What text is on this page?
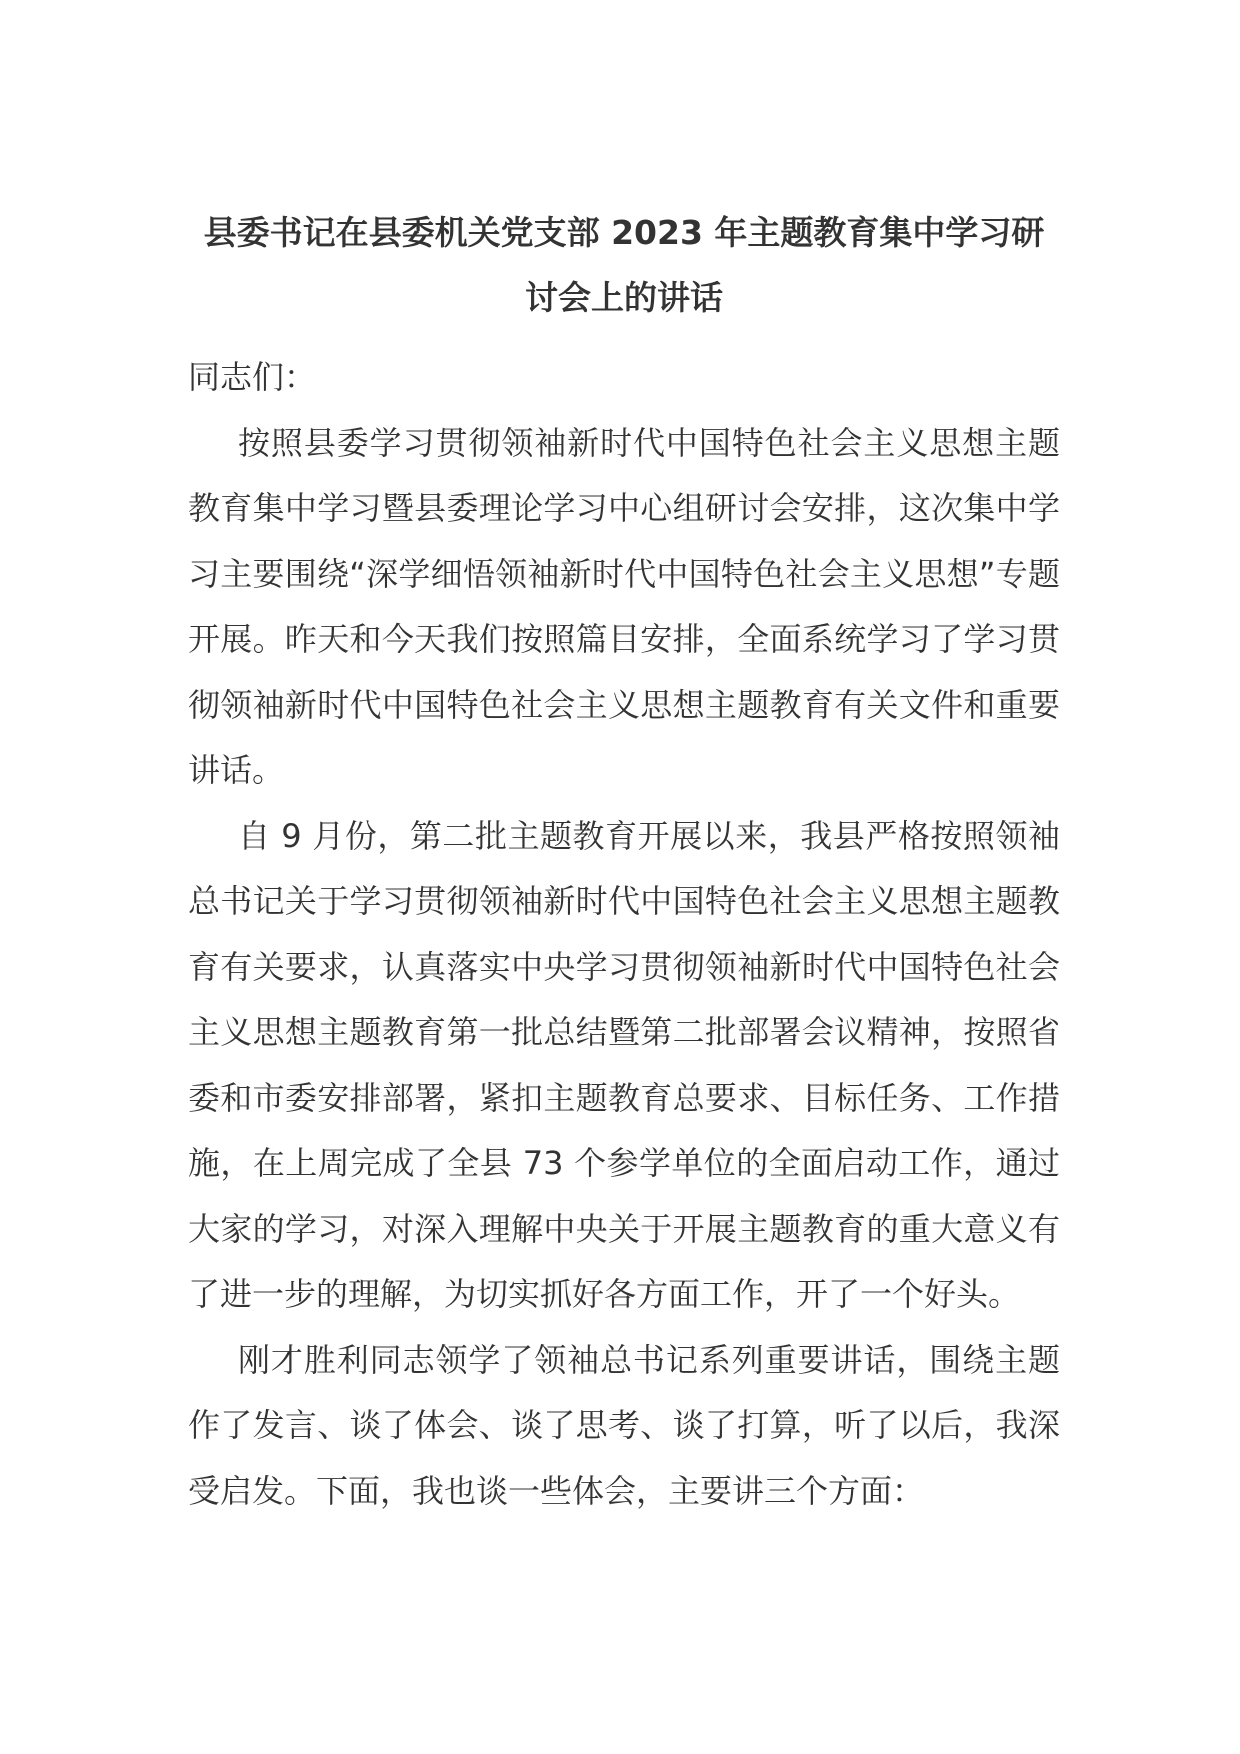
县委书记在县委机关党支部 2023 年主题教育集中学习研
讨会上的讲话

同志们：

按照县委学习贯彻领袖新时代中国特色社会主义思想主题教育集中学习暨县委理论学习中心组研讨会安排，这次集中学习主要围绕“深学细悟领袖新时代中国特色社会主义思想”专题开展。昨天和今天我们按照篇目安排，全面系统学习了学习贯彻领袖新时代中国特色社会主义思想主题教育有关文件和重要讲话。

自 9 月份，第二批主题教育开展以来，我县严格按照领袖总书记关于学习贯彻领袖新时代中国特色社会主义思想主题教育有关要求，认真落实中央学习贯彻领袖新时代中国特色社会主义思想主题教育第一批总结暨第二批部署会议精神，按照省委和市委安排部署，紧扣主题教育总要求、目标任务、工作措施，在上周完成了全县 73 个参学单位的全面启动工作，通过大家的学习，对深入理解中央关于开展主题教育的重大意义有了进一步的理解，为切实抓好各方面工作，开了一个好头。

刚才胜利同志领学了领袖总书记系列重要讲话，围绕主题作了发言、谈了体会、谈了思考、谈了打算，听了以后，我深受启发。下面，我也谈一些体会，主要讲三个方面：
